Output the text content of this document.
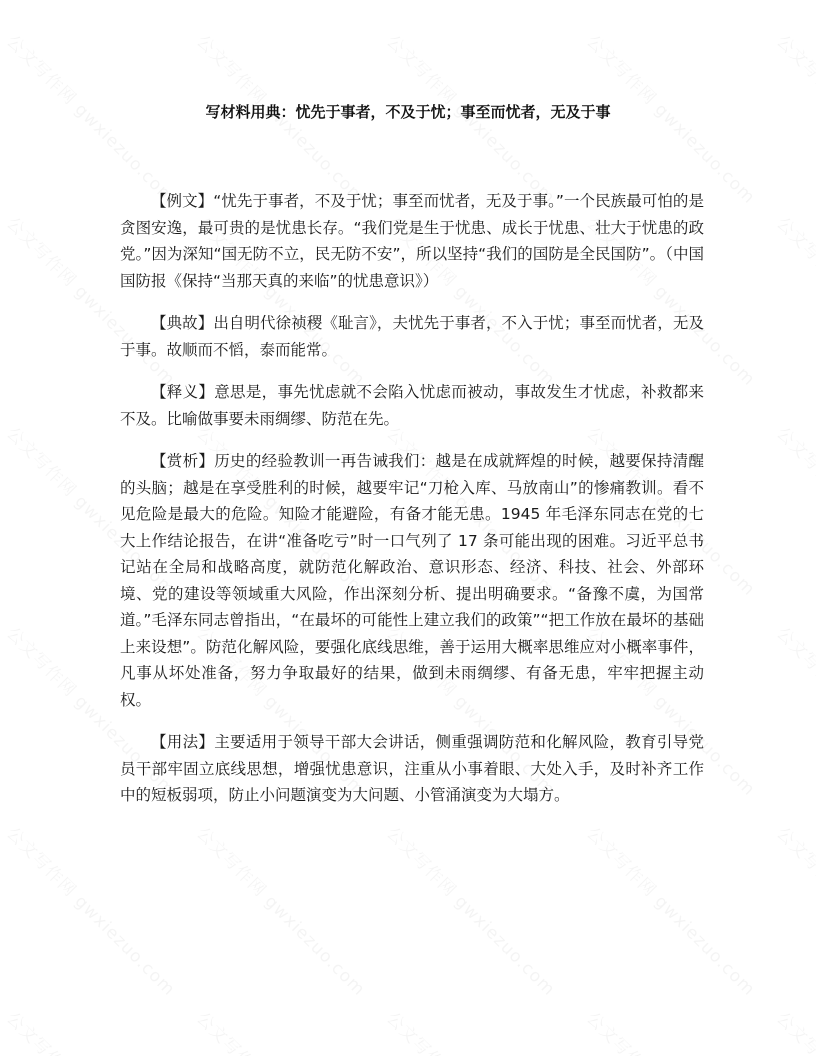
写材料用典：忧先于事者，不及于忧；事至而忧者，无及于事

【例文】“忧先于事者，不及于忧；事至而忧者，无及于事。”一个民族最可怕的是贪图安逸，最可贵的是忧患长存。“我们党是生于忧患、成长于忧患、壮大于忧患的政党。”因为深知“国无防不立，民无防不安”，所以坚持“我们的国防是全民国防”。（中国国防报《保持“当那天真的来临”的忧患意识》）

【典故】出自明代徐祯稷《耻言》，夫忧先于事者，不入于忧；事至而忧者，无及于事。故顺而不慆，泰而能常。

【释义】意思是，事先忧虑就不会陷入忧虑而被动，事故发生才忧虑，补救都来不及。比喻做事要未雨绸缪、防范在先。

【赏析】历史的经验教训一再告诫我们：越是在成就辉煌的时候，越要保持清醒的头脑；越是在享受胜利的时候，越要牢记“刀枪入库、马放南山”的惨痛教训。看不见危险是最大的危险。知险才能避险，有备才能无患。1945 年毛泽东同志在党的七大上作结论报告，在讲“准备吃亏”时一口气列了 17 条可能出现的困难。习近平总书记站在全局和战略高度，就防范化解政治、意识形态、经济、科技、社会、外部环境、党的建设等领域重大风险，作出深刻分析、提出明确要求。“备豫不虞，为国常道。”毛泽东同志曾指出，“在最坏的可能性上建立我们的政策”“把工作放在最坏的基础上来设想”。防范化解风险，要强化底线思维，善于运用大概率思维应对小概率事件，凡事从坏处准备，努力争取最好的结果，做到未雨绸缪、有备无患，牢牢把握主动权。

【用法】主要适用于领导干部大会讲话，侧重强调防范和化解风险，教育引导党员干部牢固立底线思想，增强忧患意识，注重从小事着眼、大处入手，及时补齐工作中的短板弱项，防止小问题演变为大问题、小管涌演变为大塌方。
